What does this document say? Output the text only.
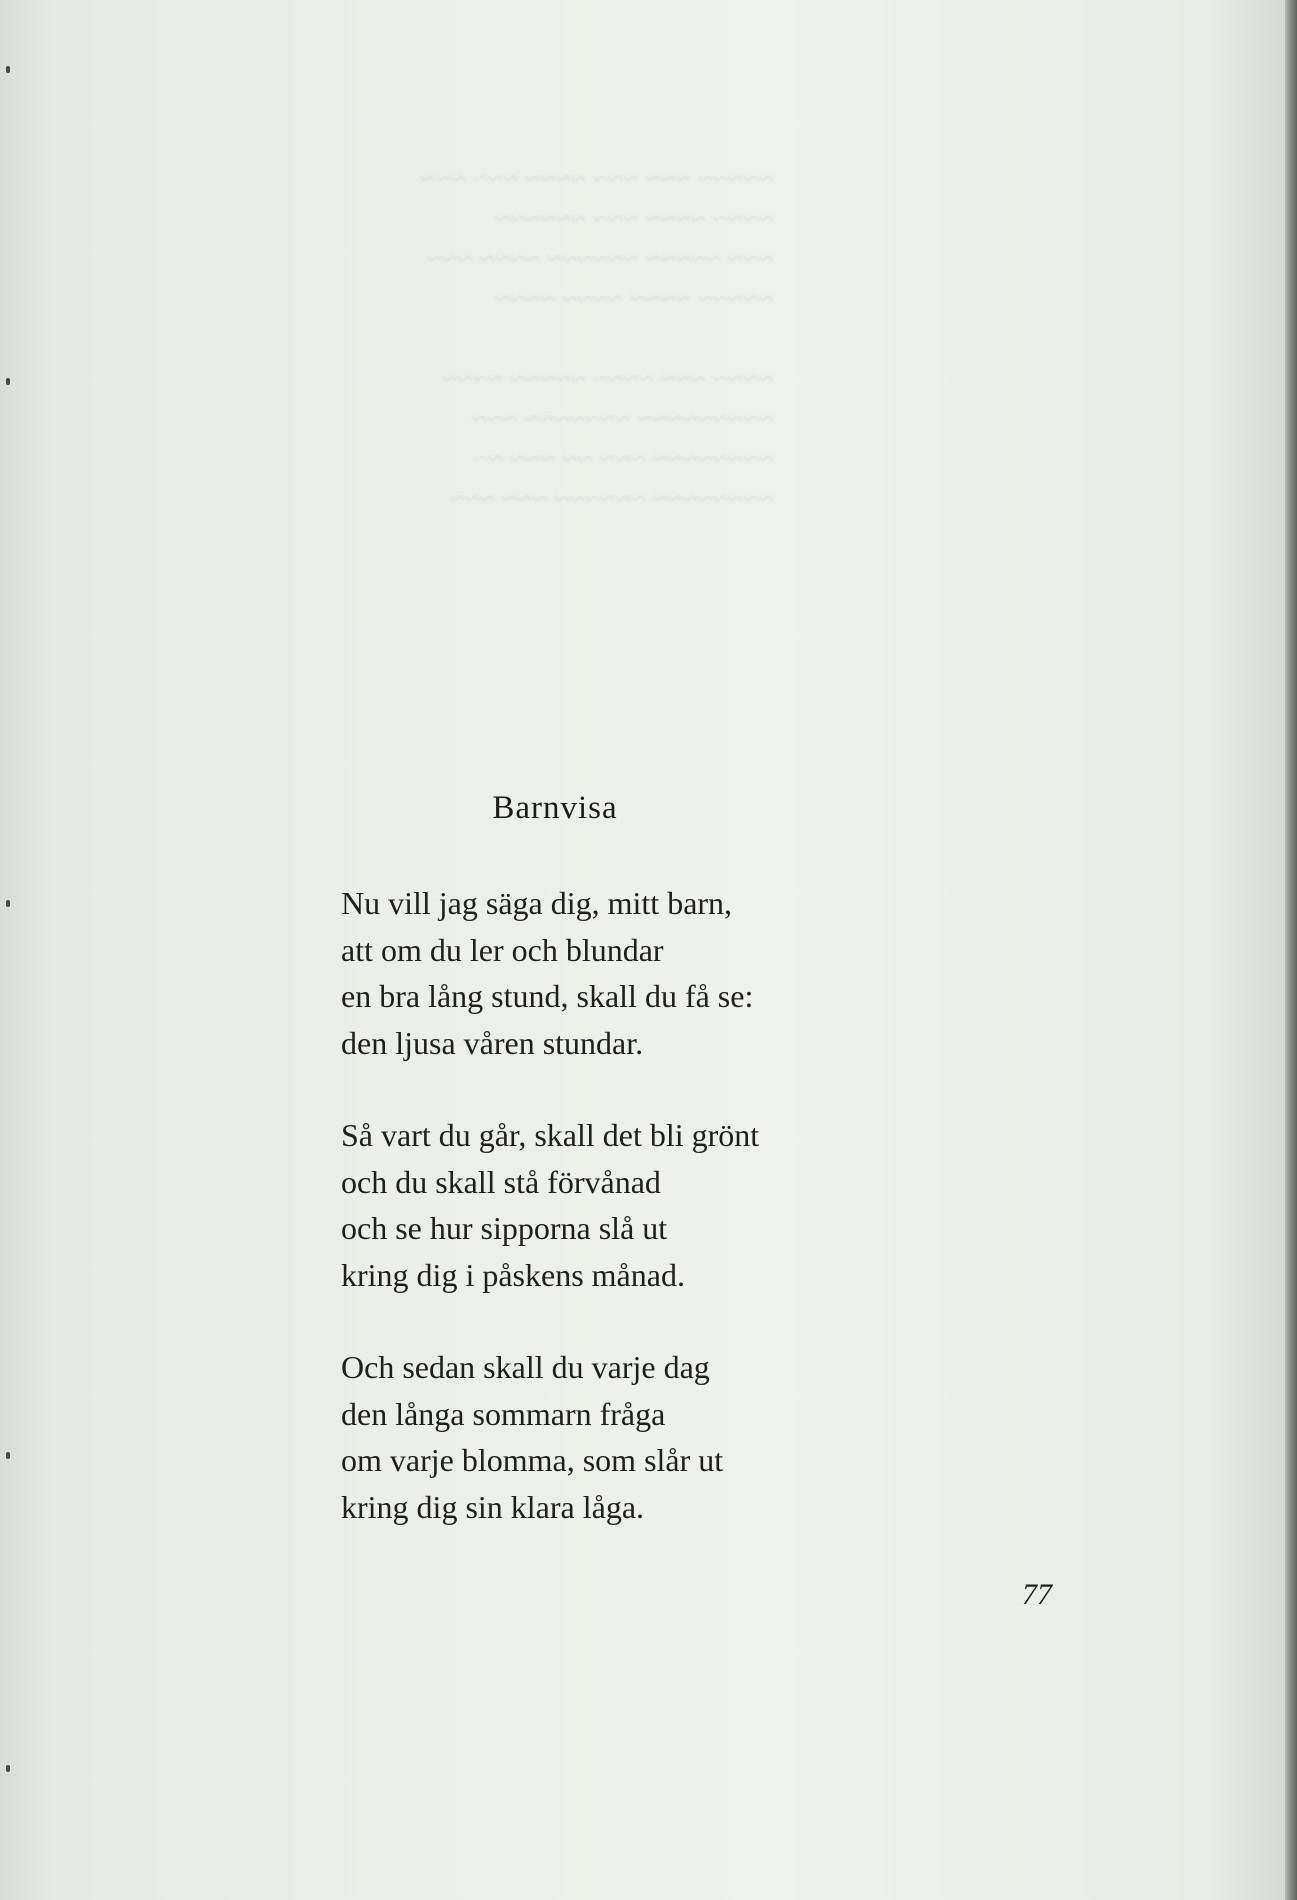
~~~~~ ~~~ ~~~ ~~~~ ~~~ ~~~
~~~~ ~~~~ ~~~ ~~~~~~
~~~ ~~~~~ ~~~~~~ ~~~~ ~~~
~~~~~ ~~~~ ~~~~ ~~~~
~~~~ ~~~ ~~~~ ~~~~~ ~~~~
~~~~~~~~~ ~~~~~~~ ~~~
~~~~~~~~ ~~~ ~~ ~~~ ~~
~~~~~~~~ ~~~~~~ ~~~ ~~~
Barnvisa
Nu vill jag säga dig, mitt barn,
att om du ler och blundar
en bra lång stund, skall du få se:
den ljusa våren stundar.
Så vart du går, skall det bli grönt
och du skall stå förvånad
och se hur sipporna slå ut
kring dig i påskens månad.
Och sedan skall du varje dag
den långa sommarn fråga
om varje blomma, som slår ut
kring dig sin klara låga.
77
